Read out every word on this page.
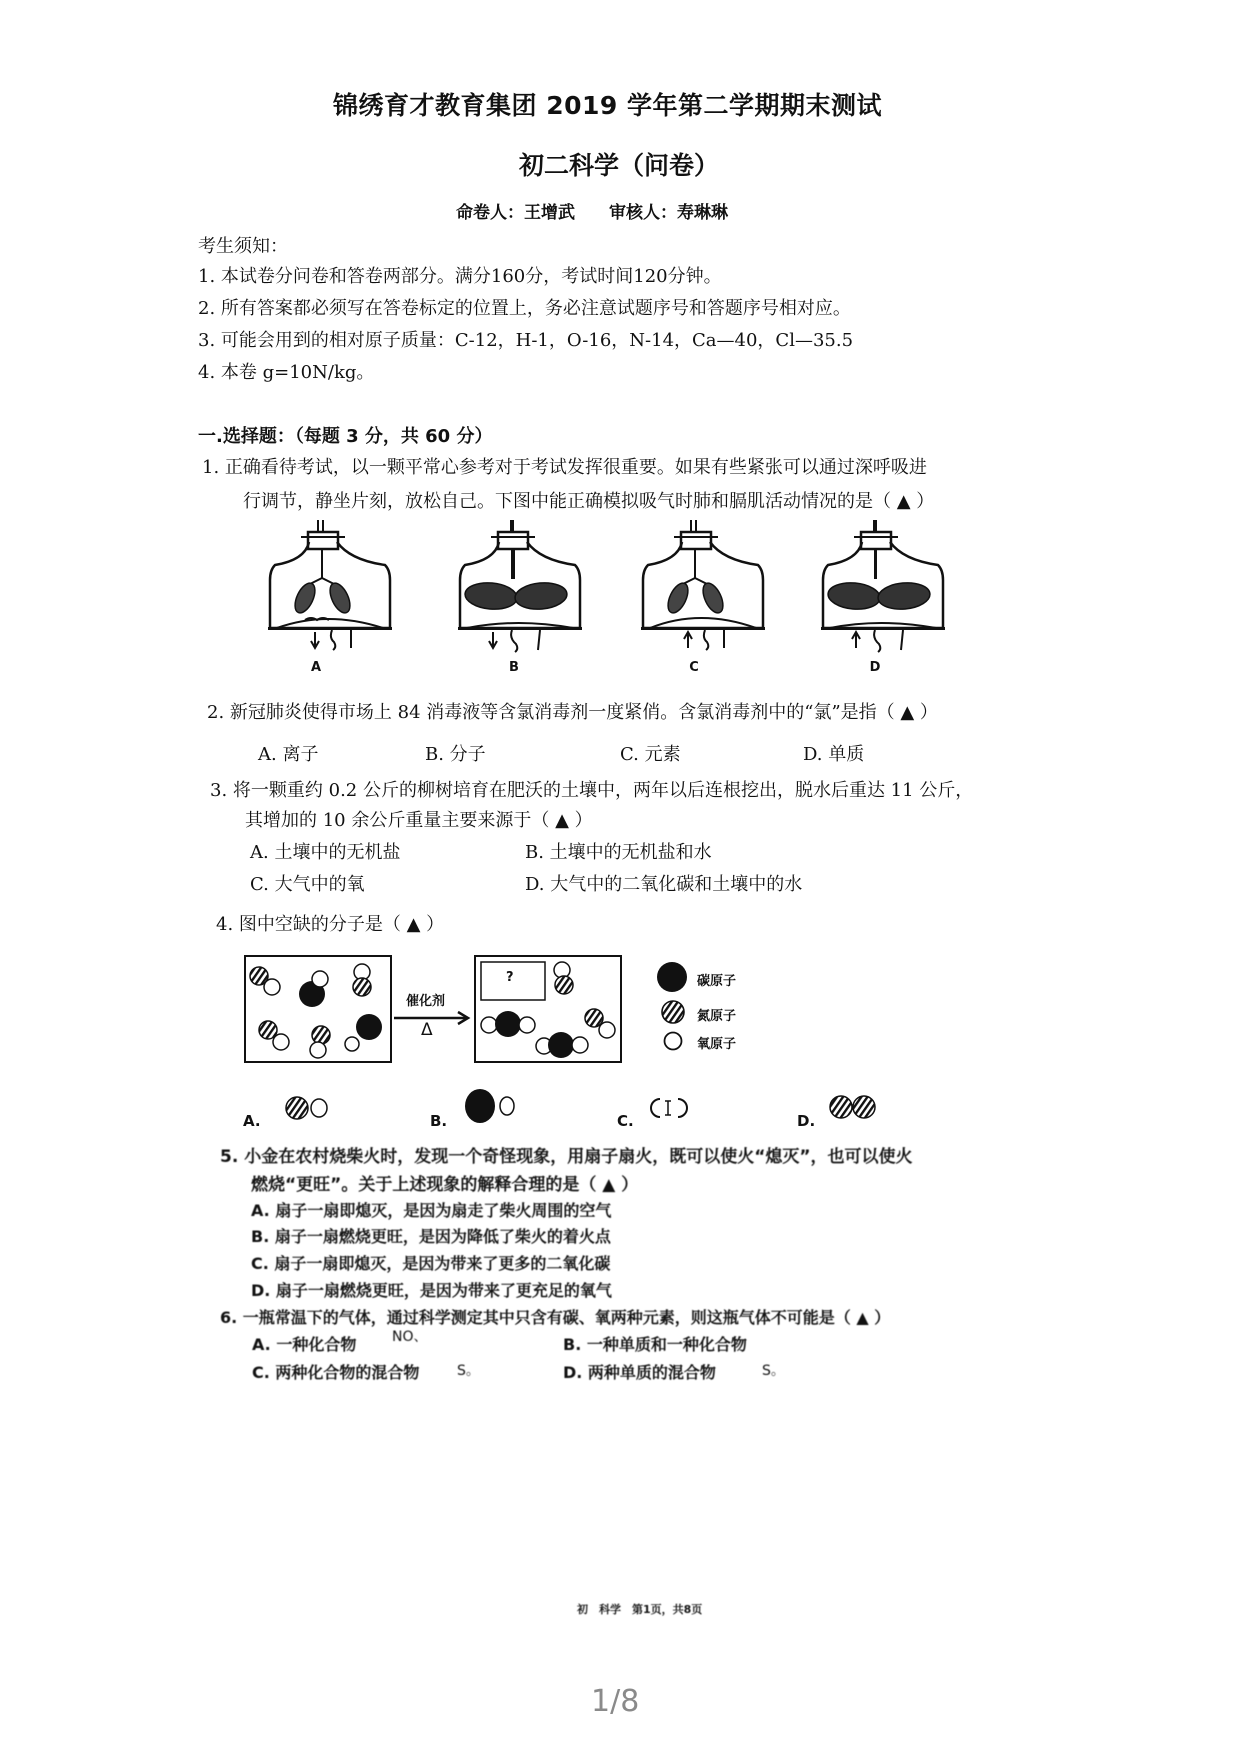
锦绣育才教育集团 2019 学年第二学期期末测试
初二科学（问卷）
命卷人：王增武　　审核人：寿琳琳
考生须知：
1. 本试卷分问卷和答卷两部分。满分160分，考试时间120分钟。
2. 所有答案都必须写在答卷标定的位置上，务必注意试题序号和答题序号相对应。
3. 可能会用到的相对原子质量：C-12，H-1，O-16，N-14，Ca—40，Cl—35.5
4. 本卷 g=10N/kg。
一.选择题：（每题 3 分，共 60 分）
1. 正确看待考试，以一颗平常心参考对于考试发挥很重要。如果有些紧张可以通过深呼吸进
行调节，静坐片刻，放松自己。下图中能正确模拟吸气时肺和膈肌活动情况的是（ ▲ ）
A	B	C	D
2. 新冠肺炎使得市场上 84 消毒液等含氯消毒剂一度紧俏。含氯消毒剂中的“氯”是指（ ▲ ）
A. 离子	B. 分子	C. 元素	D. 单质
3. 将一颗重约 0.2 公斤的柳树培育在肥沃的土壤中，两年以后连根挖出，脱水后重达 11 公斤，
其增加的 10 余公斤重量主要来源于（ ▲ ）
A. 土壤中的无机盐	B. 土壤中的无机盐和水
C. 大气中的氧	D. 大气中的二氧化碳和土壤中的水
4. 图中空缺的分子是（ ▲ ）
催化剂
Δ
?	碳原子
氮原子
氧原子
A.	B.	C.	D.
5. 小金在农村烧柴火时，发现一个奇怪现象，用扇子扇火，既可以使火“熄灭”，也可以使火
燃烧“更旺”。关于上述现象的解释合理的是（ ▲ ）
A. 扇子一扇即熄灭，是因为扇走了柴火周围的空气
B. 扇子一扇燃烧更旺，是因为降低了柴火的着火点
C. 扇子一扇即熄灭，是因为带来了更多的二氧化碳
D. 扇子一扇燃烧更旺，是因为带来了更充足的氧气
6. 一瓶常温下的气体，通过科学测定其中只含有碳、氧两种元素，则这瓶气体不可能是（ ▲ ）
A. 一种化合物	NO、	B. 一种单质和一种化合物
C. 两种化合物的混合物	S。	D. 两种单质的混合物	S。
初　科学　第1页，共8页
1/8
